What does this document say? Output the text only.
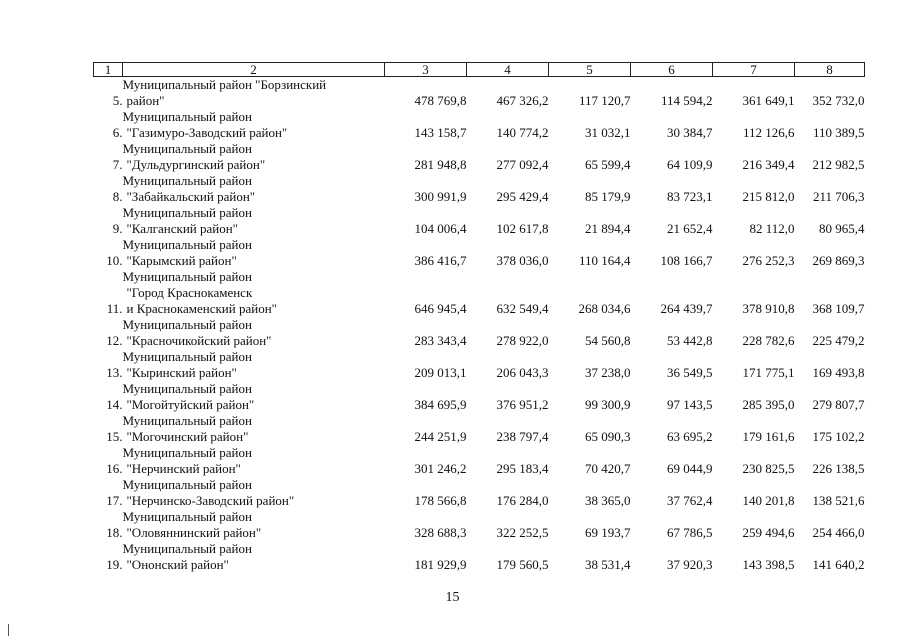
1	2	3	4	5	6	7	8
5.	Муниципальный район "Борзинский
район"	478 769,8	467 326,2	117 120,7	114 594,2	361 649,1	352 732,0
6.	Муниципальный район
"Газимуро-Заводский район"	143 158,7	140 774,2	31 032,1	30 384,7	112 126,6	110 389,5
7.	Муниципальный район
"Дульдургинский район"	281 948,8	277 092,4	65 599,4	64 109,9	216 349,4	212 982,5
8.	Муниципальный район
"Забайкальский район"	300 991,9	295 429,4	85 179,9	83 723,1	215 812,0	211 706,3
9.	Муниципальный район
"Калганский район"	104 006,4	102 617,8	21 894,4	21 652,4	82 112,0	80 965,4
10.	Муниципальный район
"Карымский район"	386 416,7	378 036,0	110 164,4	108 166,7	276 252,3	269 869,3
11.	Муниципальный район
"Город Краснокаменск
и Краснокаменский район"	646 945,4	632 549,4	268 034,6	264 439,7	378 910,8	368 109,7
12.	Муниципальный район
"Красночикойский район"	283 343,4	278 922,0	54 560,8	53 442,8	228 782,6	225 479,2
13.	Муниципальный район
"Кыринский район"	209 013,1	206 043,3	37 238,0	36 549,5	171 775,1	169 493,8
14.	Муниципальный район
"Могойтуйский район"	384 695,9	376 951,2	99 300,9	97 143,5	285 395,0	279 807,7
15.	Муниципальный район
"Могочинский район"	244 251,9	238 797,4	65 090,3	63 695,2	179 161,6	175 102,2
16.	Муниципальный район
"Нерчинский район"	301 246,2	295 183,4	70 420,7	69 044,9	230 825,5	226 138,5
17.	Муниципальный район
"Нерчинско-Заводский район"	178 566,8	176 284,0	38 365,0	37 762,4	140 201,8	138 521,6
18.	Муниципальный район
"Оловяннинский район"	328 688,3	322 252,5	69 193,7	67 786,5	259 494,6	254 466,0
19.	Муниципальный район
"Ононский район"	181 929,9	179 560,5	38 531,4	37 920,3	143 398,5	141 640,2
15
